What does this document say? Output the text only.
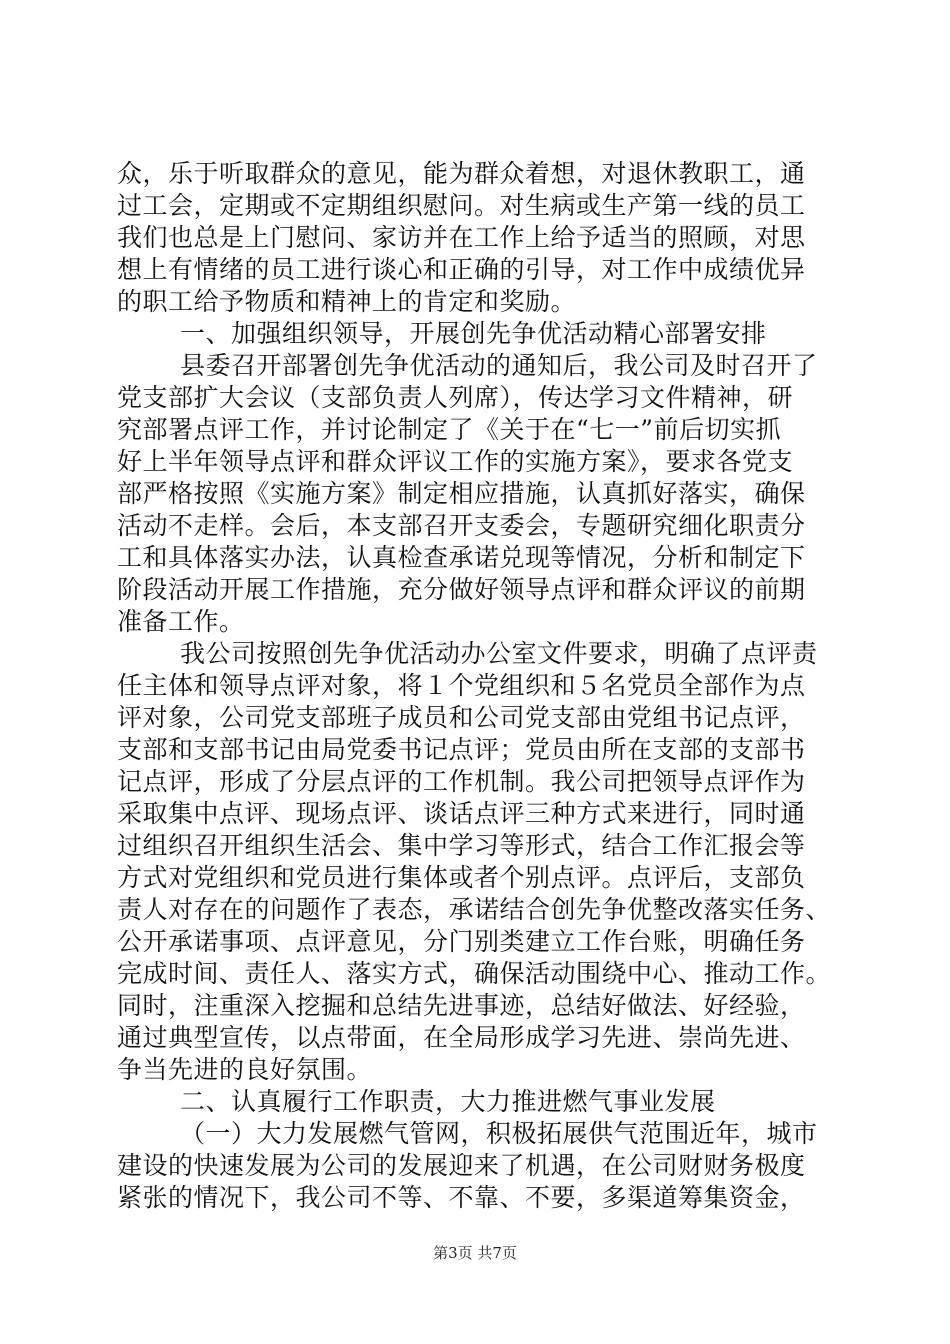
众，乐于听取群众的意见，能为群众着想，对退休教职工，通
过工会，定期或不定期组织慰问。对生病或生产第一线的员工
我们也总是上门慰问、家访并在工作上给予适当的照顾，对思
想上有情绪的员工进行谈心和正确的引导，对工作中成绩优异
的职工给予物质和精神上的肯定和奖励。
一、加强组织领导，开展创先争优活动精心部署安排
县委召开部署创先争优活动的通知后，我公司及时召开了
党支部扩大会议（支部负责人列席），传达学习文件精神，研
究部署点评工作，并讨论制定了《关于在“七一”前后切实抓
好上半年领导点评和群众评议工作的实施方案》，要求各党支
部严格按照《实施方案》制定相应措施，认真抓好落实，确保
活动不走样。会后，本支部召开支委会，专题研究细化职责分
工和具体落实办法，认真检查承诺兑现等情况，分析和制定下
阶段活动开展工作措施，充分做好领导点评和群众评议的前期
准备工作。
我公司按照创先争优活动办公室文件要求，明确了点评责
任主体和领导点评对象，将１个党组织和５名党员全部作为点
评对象，公司党支部班子成员和公司党支部由党组书记点评，
支部和支部书记由局党委书记点评；党员由所在支部的支部书
记点评，形成了分层点评的工作机制。我公司把领导点评作为
采取集中点评、现场点评、谈话点评三种方式来进行，同时通
过组织召开组织生活会、集中学习等形式，结合工作汇报会等
方式对党组织和党员进行集体或者个别点评。点评后，支部负
责人对存在的问题作了表态，承诺结合创先争优整改落实任务、
公开承诺事项、点评意见，分门别类建立工作台账，明确任务
完成时间、责任人、落实方式，确保活动围绕中心、推动工作。
同时，注重深入挖掘和总结先进事迹，总结好做法、好经验，
通过典型宣传，以点带面，在全局形成学习先进、崇尚先进、
争当先进的良好氛围。
二、认真履行工作职责，大力推进燃气事业发展
（一）大力发展燃气管网，积极拓展供气范围近年，城市
建设的快速发展为公司的发展迎来了机遇，在公司财财务极度
紧张的情况下，我公司不等、不靠、不要，多渠道筹集资金，
第3页 共7页
